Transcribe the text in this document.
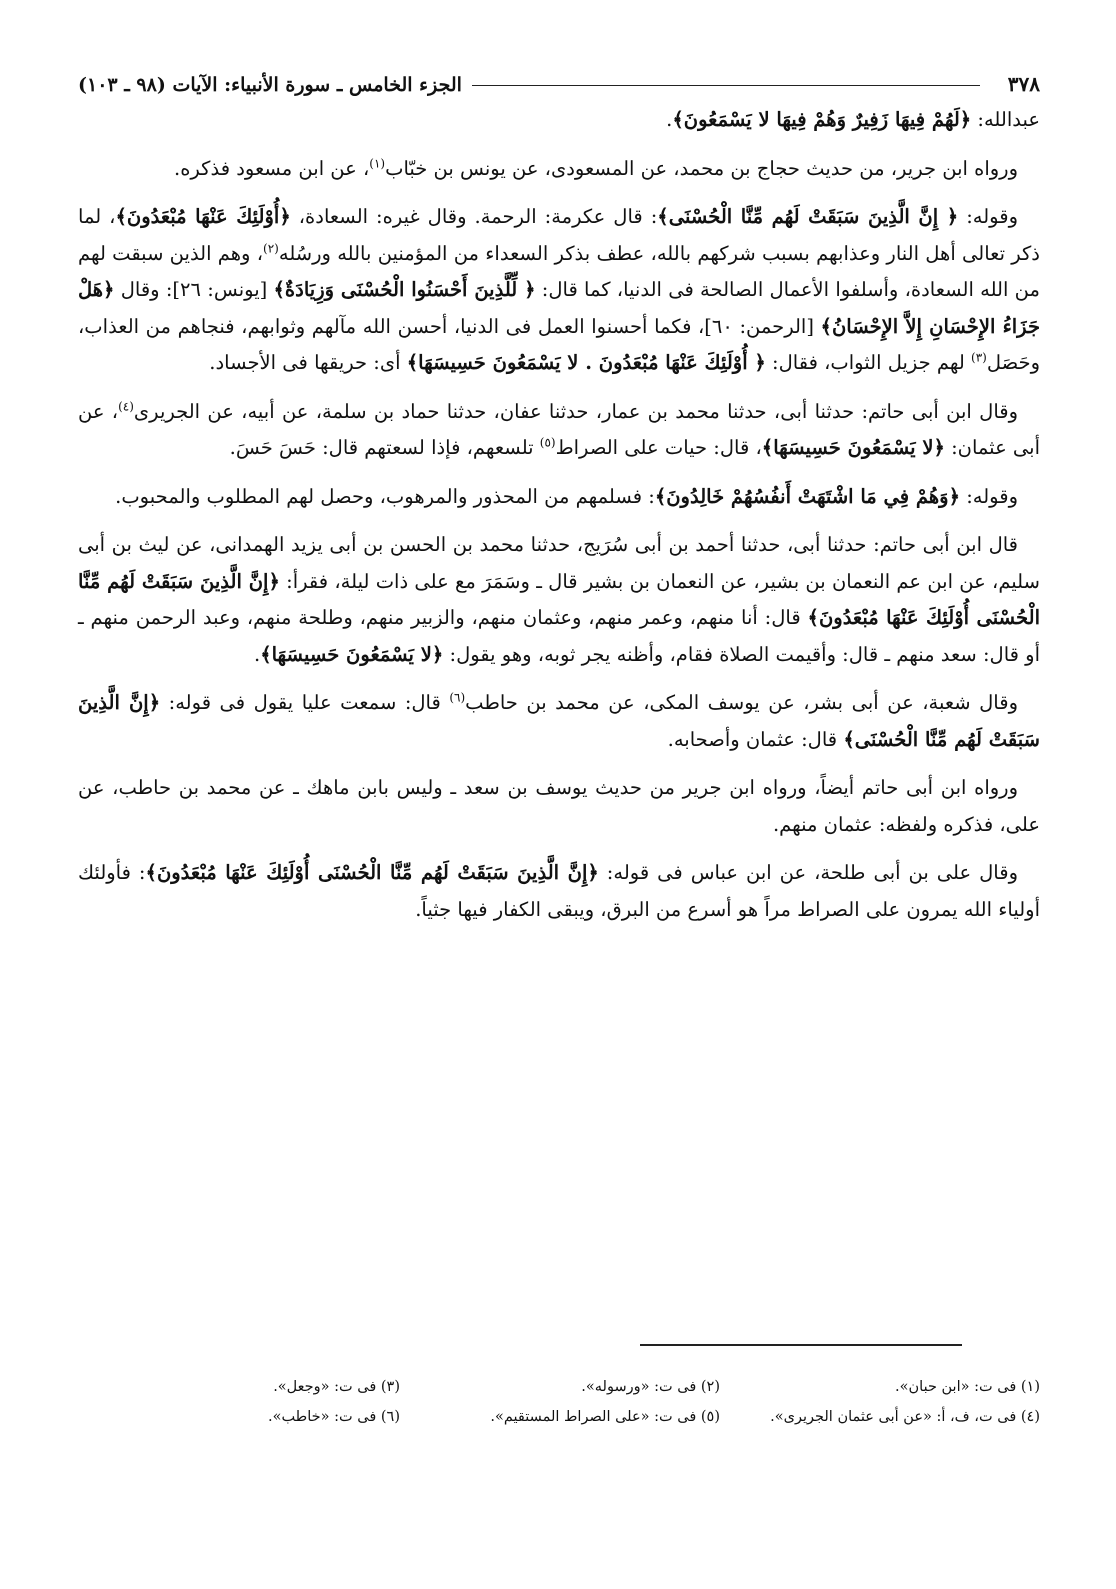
٣٧٨
الجزء الخامس ـ سورة الأنبياء: الآيات (٩٨ ـ ١٠٣)

عبدالله: ﴿لَهُمْ فِيهَا زَفِيرٌ وَهُمْ فِيهَا لا يَسْمَعُونَ﴾.

ورواه ابن جرير، من حديث حجاج بن محمد، عن المسعودى، عن يونس بن خبّاب$^{(١)}$، عن ابن مسعود فذكره.

وقوله: ﴿ إِنَّ الَّذِينَ سَبَقَتْ لَهُم مِّنَّا الْحُسْنَى﴾: قال عكرمة: الرحمة. وقال غيره: السعادة، ﴿أُوْلَئِكَ عَنْهَا مُبْعَدُونَ﴾، لما ذكر تعالى أهل النار وعذابهم بسبب شركهم بالله، عطف بذكر السعداء من المؤمنين بالله ورسُله$^{(٢)}$، وهم الذين سبقت لهم من الله السعادة، وأسلفوا الأعمال الصالحة فى الدنيا، كما قال: ﴿ لِّلَّذِينَ أَحْسَنُوا الْحُسْنَى وَزِيَادَةٌ﴾ [يونس: ٢٦]: وقال ﴿هَلْ جَزَاءُ الإِحْسَانِ إِلاَّ الإِحْسَانُ﴾ [الرحمن: ٦٠]، فكما أحسنوا العمل فى الدنيا، أحسن الله مآلهم وثوابهم، فنجاهم من العذاب، وحَصَل$^{(٣)}$ لهم جزيل الثواب، فقال: ﴿ أُوْلَئِكَ عَنْهَا مُبْعَدُونَ . لا يَسْمَعُونَ حَسِيسَهَا﴾ أى: حريقها فى الأجساد.

وقال ابن أبى حاتم: حدثنا أبى، حدثنا محمد بن عمار، حدثنا عفان، حدثنا حماد بن سلمة، عن أبيه، عن الجريرى$^{(٤)}$، عن أبى عثمان: ﴿لا يَسْمَعُونَ حَسِيسَهَا﴾، قال: حيات على الصراط$^{(٥)}$ تلسعهم، فإذا لسعتهم قال: حَسَ حَسَ.

وقوله: ﴿وَهُمْ فِي مَا اشْتَهَتْ أَنفُسُهُمْ خَالِدُونَ﴾: فسلمهم من المحذور والمرهوب، وحصل لهم المطلوب والمحبوب.

قال ابن أبى حاتم: حدثنا أبى، حدثنا أحمد بن أبى سُرَيج، حدثنا محمد بن الحسن بن أبى يزيد الهمدانى، عن ليث بن أبى سليم، عن ابن عم النعمان بن بشير، عن النعمان بن بشير قال ـ وسَمَرَ مع على ذات ليلة، فقرأ: ﴿إِنَّ الَّذِينَ سَبَقَتْ لَهُم مِّنَّا الْحُسْنَى أُوْلَئِكَ عَنْهَا مُبْعَدُونَ﴾ قال: أنا منهم، وعمر منهم، وعثمان منهم، والزبير منهم، وطلحة منهم، وعبد الرحمن منهم ـ أو قال: سعد منهم ـ قال: وأقيمت الصلاة فقام، وأظنه يجر ثوبه، وهو يقول: ﴿لا يَسْمَعُونَ حَسِيسَهَا﴾.

وقال شعبة، عن أبى بشر، عن يوسف المكى، عن محمد بن حاطب$^{(٦)}$ قال: سمعت عليا يقول فى قوله: ﴿إِنَّ الَّذِينَ سَبَقَتْ لَهُم مِّنَّا الْحُسْنَى﴾ قال: عثمان وأصحابه.

ورواه ابن أبى حاتم أيضاً، ورواه ابن جرير من حديث يوسف بن سعد ـ وليس بابن ماهك ـ عن محمد بن حاطب، عن على، فذكره ولفظه: عثمان منهم.

وقال على بن أبى طلحة، عن ابن عباس فى قوله: ﴿إِنَّ الَّذِينَ سَبَقَتْ لَهُم مِّنَّا الْحُسْنَى أُوْلَئِكَ عَنْهَا مُبْعَدُونَ﴾: فأولئك أولياء الله يمرون على الصراط مراً هو أسرع من البرق، ويبقى الكفار فيها جثياً.

(١) فى ت: «ابن حبان».
(٢) فى ت: «ورسوله».
(٣) فى ت: «وجعل».
(٤) فى ت، ف، أ: «عن أبى عثمان الجريرى».
(٥) فى ت: «على الصراط المستقيم».
(٦) فى ت: «خاطب».
